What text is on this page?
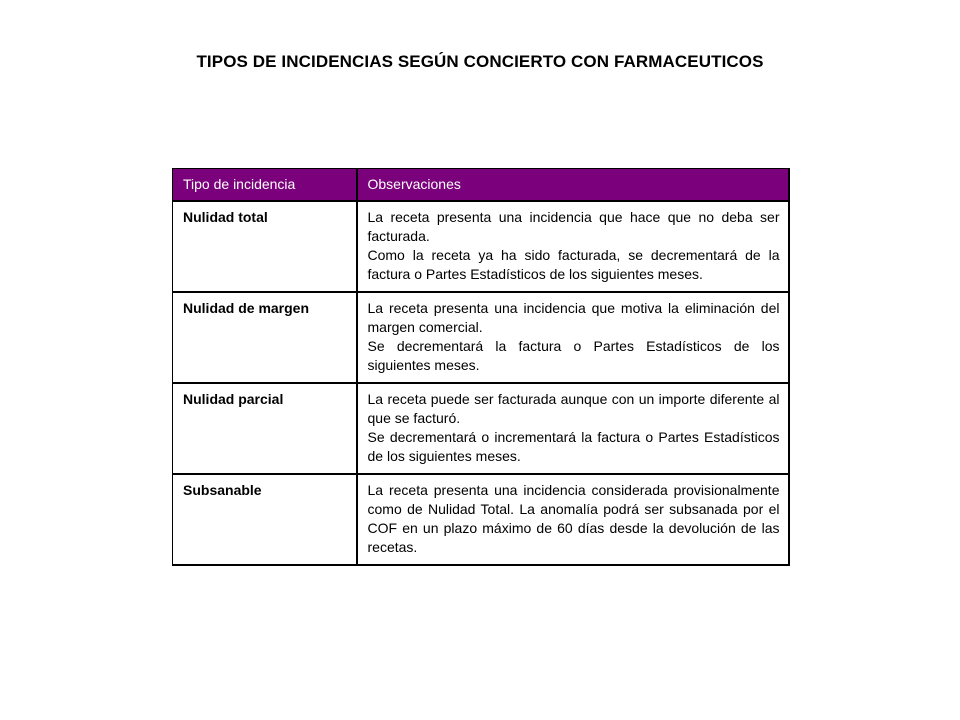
TIPOS DE INCIDENCIAS SEGÚN CONCIERTO CON FARMACEUTICOS
Tipo de incidencia	Observaciones
Nulidad total	La receta presenta una incidencia que hace que no deba ser facturada.
Como la receta ya ha sido facturada, se decrementará de la factura o Partes Estadísticos de los siguientes meses.

Nulidad de margen	La receta presenta una incidencia que motiva la eliminación del margen comercial.
Se decrementará la factura o Partes Estadísticos de los siguientes meses.

Nulidad parcial	La receta puede ser facturada aunque con un importe diferente al que se facturó.
Se decrementará o incrementará la factura o Partes Estadísticos de los siguientes meses.

Subsanable	La receta presenta una incidencia considerada provisionalmente como de Nulidad Total. La anomalía podrá ser subsanada por el COF en un plazo máximo de 60 días desde la devolución de las recetas.
